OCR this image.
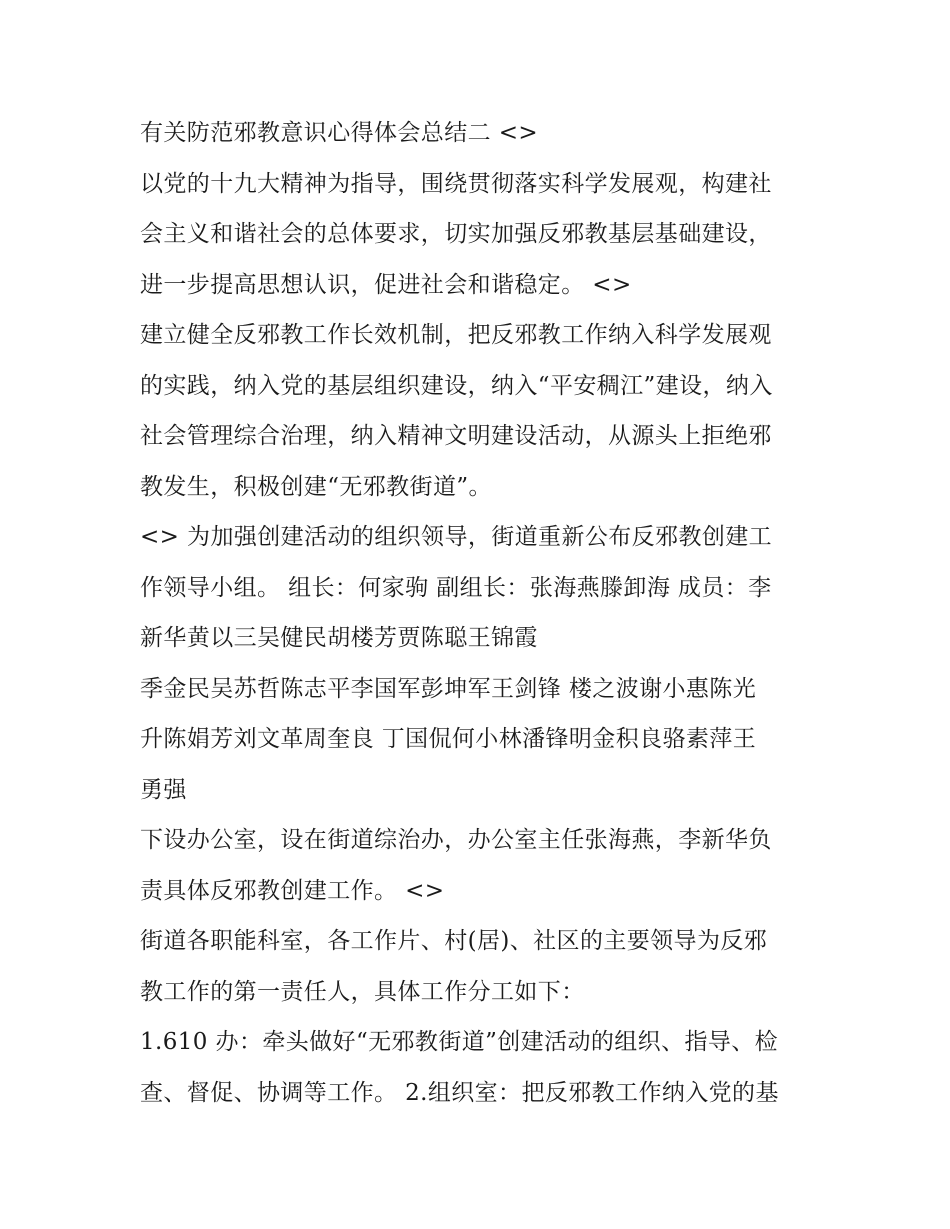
有关防范邪教意识心得体会总结二 <>
以党的十九大精神为指导，围绕贯彻落实科学发展观，构建社
会主义和谐社会的总体要求，切实加强反邪教基层基础建设，
进一步提高思想认识，促进社会和谐稳定。 <>
建立健全反邪教工作长效机制，把反邪教工作纳入科学发展观
的实践，纳入党的基层组织建设，纳入“平安稠江”建设，纳入
社会管理综合治理，纳入精神文明建设活动，从源头上拒绝邪
教发生，积极创建“无邪教街道”。
<> 为加强创建活动的组织领导，街道重新公布反邪教创建工
作领导小组。 组长：何家驹 副组长：张海燕滕卸海 成员：李
新华黄以三吴健民胡楼芳贾陈聪王锦霞
季金民吴苏哲陈志平李国军彭坤军王剑锋 楼之波谢小惠陈光
升陈娟芳刘文革周奎良 丁国侃何小林潘锋明金积良骆素萍王
勇强
下设办公室，设在街道综治办，办公室主任张海燕，李新华负
责具体反邪教创建工作。 <>
街道各职能科室，各工作片、村(居)、社区的主要领导为反邪
教工作的第一责任人，具体工作分工如下：
1.610 办：牵头做好“无邪教街道”创建活动的组织、指导、检
查、督促、协调等工作。 2.组织室：把反邪教工作纳入党的基
